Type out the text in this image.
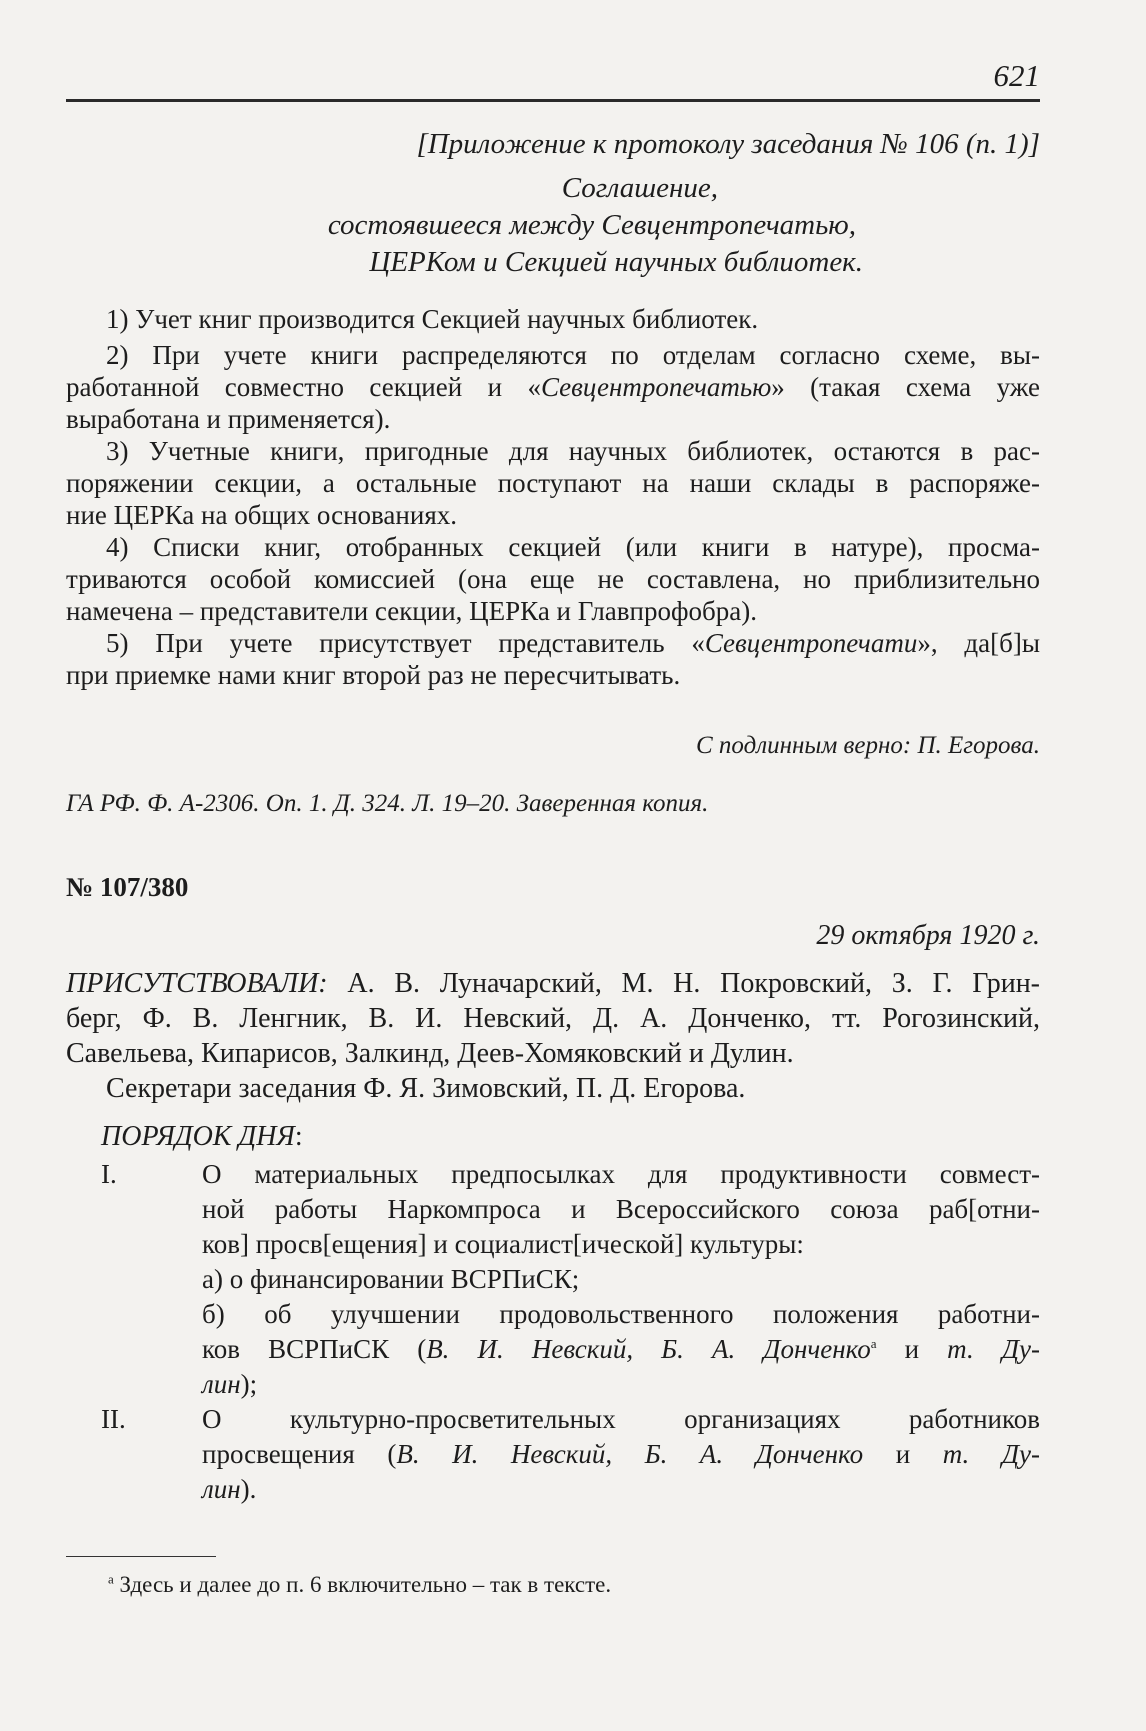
621
[Приложение к протоколу заседания № 106 (п. 1)]
Соглашение,
состоявшееся между Севцентропечатью,
ЦЕРКом и Секцией научных библиотек.
1) Учет книг производится Секцией научных библиотек.
2) При учете книги распределяются по отделам согласно схеме, вы-
работанной совместно секцией и «Севцентропечатью» (такая схема уже
выработана и применяется).
3) Учетные книги, пригодные для научных библиотек, остаются в рас-
поряжении секции, а остальные поступают на наши склады в распоряже-
ние ЦЕРКа на общих основаниях.
4) Списки книг, отобранных секцией (или книги в натуре), просма-
триваются особой комиссией (она еще не составлена, но приблизительно
намечена – представители секции, ЦЕРКа и Главпрофобра).
5) При учете присутствует представитель «Севцентропечати», да[б]ы
при приемке нами книг второй раз не пересчитывать.
С подлинным верно: П. Егорова.
ГА РФ. Ф. А-2306. Оп. 1. Д. 324. Л. 19–20. Заверенная копия.
№ 107/380
29 октября 1920 г.
ПРИСУТСТВОВАЛИ: А. В. Луначарский, М. Н. Покровский, З. Г. Грин-
берг, Ф. В. Ленгник, В. И. Невский, Д. А. Донченко, тт. Рогозинский,
Савельева, Кипарисов, Залкинд, Деев-Хомяковский и Дулин.
Секретари заседания Ф. Я. Зимовский, П. Д. Егорова.
ПОРЯДОК ДНЯ:
I.	О материальных предпосылках для продуктивности совмест-
ной работы Наркомпроса и Всероссийского союза раб[отни-
ков] просв[ещения] и социалист[ической] культуры:
а) о финансировании ВСРПиСК;
б) об улучшении продовольственного положения работни-
ков ВСРПиСК (В. И. Невский, Б. А. Донченко$^а$ и т. Ду-
лин);
II.	О культурно-просветительных организациях работников
просвещения (В. И. Невский, Б. А. Донченко и т. Ду-
лин).
$^а$ Здесь и далее до п. 6 включительно – так в тексте.
